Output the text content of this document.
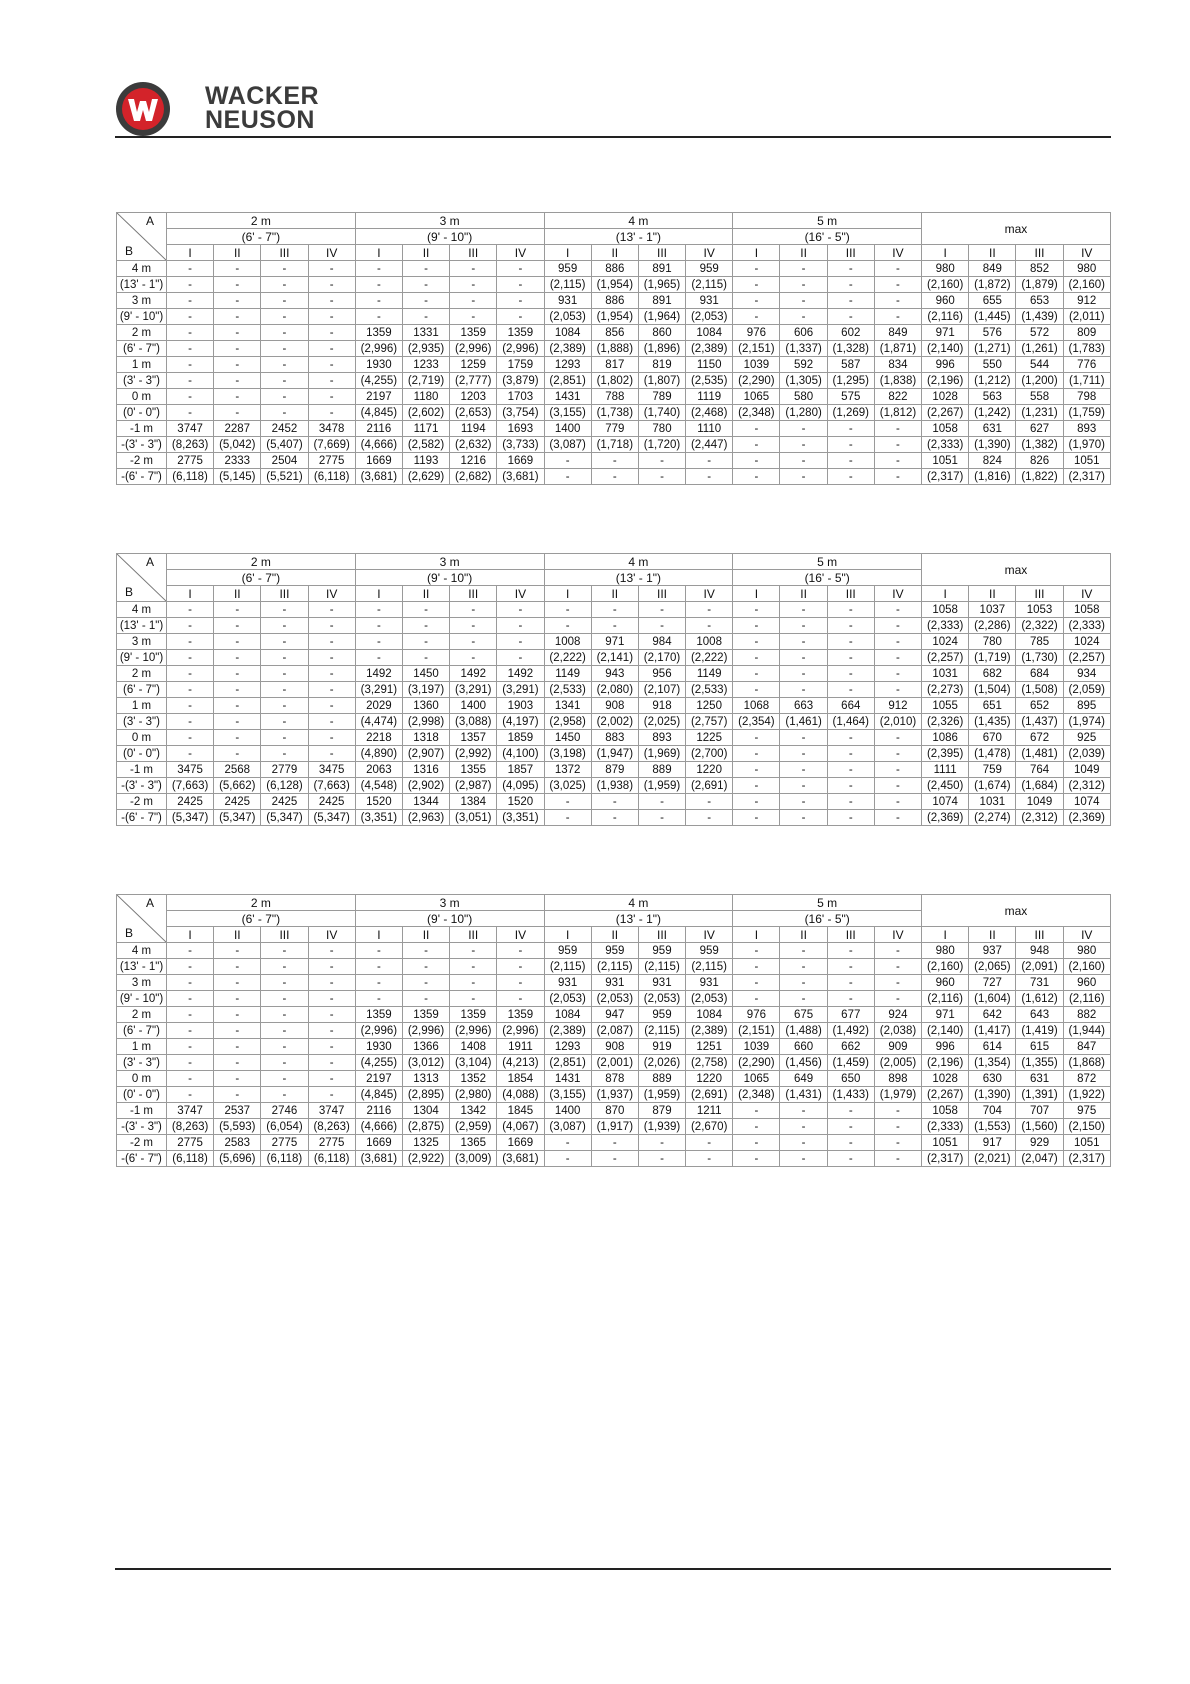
WACKER
NEUSON
A
B	2 m				3 m				4 m				5 m				max			
	(6' - 7")				(9' - 10")				(13' - 1")				(16' - 5")							
	I	II	III	IV	I	II	III	IV	I	II	III	IV	I	II	III	IV	I	II	III	IV
4 m	-	-	-	-	-	-	-	-	959	886	891	959	-	-	-	-	980	849	852	980
(13' - 1")	-	-	-	-	-	-	-	-	(2,115)	(1,954)	(1,965)	(2,115)	-	-	-	-	(2,160)	(1,872)	(1,879)	(2,160)
3 m	-	-	-	-	-	-	-	-	931	886	891	931	-	-	-	-	960	655	653	912
(9' - 10")	-	-	-	-	-	-	-	-	(2,053)	(1,954)	(1,964)	(2,053)	-	-	-	-	(2,116)	(1,445)	(1,439)	(2,011)
2 m	-	-	-	-	1359	1331	1359	1359	1084	856	860	1084	976	606	602	849	971	576	572	809
(6' - 7")	-	-	-	-	(2,996)	(2,935)	(2,996)	(2,996)	(2,389)	(1,888)	(1,896)	(2,389)	(2,151)	(1,337)	(1,328)	(1,871)	(2,140)	(1,271)	(1,261)	(1,783)
1 m	-	-	-	-	1930	1233	1259	1759	1293	817	819	1150	1039	592	587	834	996	550	544	776
(3' - 3")	-	-	-	-	(4,255)	(2,719)	(2,777)	(3,879)	(2,851)	(1,802)	(1,807)	(2,535)	(2,290)	(1,305)	(1,295)	(1,838)	(2,196)	(1,212)	(1,200)	(1,711)
0 m	-	-	-	-	2197	1180	1203	1703	1431	788	789	1119	1065	580	575	822	1028	563	558	798
(0' - 0")	-	-	-	-	(4,845)	(2,602)	(2,653)	(3,754)	(3,155)	(1,738)	(1,740)	(2,468)	(2,348)	(1,280)	(1,269)	(1,812)	(2,267)	(1,242)	(1,231)	(1,759)
-1 m	3747	2287	2452	3478	2116	1171	1194	1693	1400	779	780	1110	-	-	-	-	1058	631	627	893
-(3' - 3")	(8,263)	(5,042)	(5,407)	(7,669)	(4,666)	(2,582)	(2,632)	(3,733)	(3,087)	(1,718)	(1,720)	(2,447)	-	-	-	-	(2,333)	(1,390)	(1,382)	(1,970)
-2 m	2775	2333	2504	2775	1669	1193	1216	1669	-	-	-	-	-	-	-	-	1051	824	826	1051
-(6' - 7")	(6,118)	(5,145)	(5,521)	(6,118)	(3,681)	(2,629)	(2,682)	(3,681)	-	-	-	-	-	-	-	-	(2,317)	(1,816)	(1,822)	(2,317)
A
B	2 m				3 m				4 m				5 m				max			
	(6' - 7")				(9' - 10")				(13' - 1")				(16' - 5")							
	I	II	III	IV	I	II	III	IV	I	II	III	IV	I	II	III	IV	I	II	III	IV
4 m	-	-	-	-	-	-	-	-	-	-	-	-	-	-	-	-	1058	1037	1053	1058
(13' - 1")	-	-	-	-	-	-	-	-	-	-	-	-	-	-	-	-	(2,333)	(2,286)	(2,322)	(2,333)
3 m	-	-	-	-	-	-	-	-	1008	971	984	1008	-	-	-	-	1024	780	785	1024
(9' - 10")	-	-	-	-	-	-	-	-	(2,222)	(2,141)	(2,170)	(2,222)	-	-	-	-	(2,257)	(1,719)	(1,730)	(2,257)
2 m	-	-	-	-	1492	1450	1492	1492	1149	943	956	1149	-	-	-	-	1031	682	684	934
(6' - 7")	-	-	-	-	(3,291)	(3,197)	(3,291)	(3,291)	(2,533)	(2,080)	(2,107)	(2,533)	-	-	-	-	(2,273)	(1,504)	(1,508)	(2,059)
1 m	-	-	-	-	2029	1360	1400	1903	1341	908	918	1250	1068	663	664	912	1055	651	652	895
(3' - 3")	-	-	-	-	(4,474)	(2,998)	(3,088)	(4,197)	(2,958)	(2,002)	(2,025)	(2,757)	(2,354)	(1,461)	(1,464)	(2,010)	(2,326)	(1,435)	(1,437)	(1,974)
0 m	-	-	-	-	2218	1318	1357	1859	1450	883	893	1225	-	-	-	-	1086	670	672	925
(0' - 0")	-	-	-	-	(4,890)	(2,907)	(2,992)	(4,100)	(3,198)	(1,947)	(1,969)	(2,700)	-	-	-	-	(2,395)	(1,478)	(1,481)	(2,039)
-1 m	3475	2568	2779	3475	2063	1316	1355	1857	1372	879	889	1220	-	-	-	-	1111	759	764	1049
-(3' - 3")	(7,663)	(5,662)	(6,128)	(7,663)	(4,548)	(2,902)	(2,987)	(4,095)	(3,025)	(1,938)	(1,959)	(2,691)	-	-	-	-	(2,450)	(1,674)	(1,684)	(2,312)
-2 m	2425	2425	2425	2425	1520	1344	1384	1520	-	-	-	-	-	-	-	-	1074	1031	1049	1074
-(6' - 7")	(5,347)	(5,347)	(5,347)	(5,347)	(3,351)	(2,963)	(3,051)	(3,351)	-	-	-	-	-	-	-	-	(2,369)	(2,274)	(2,312)	(2,369)
A
B	2 m				3 m				4 m				5 m				max			
	(6' - 7")				(9' - 10")				(13' - 1")				(16' - 5")							
	I	II	III	IV	I	II	III	IV	I	II	III	IV	I	II	III	IV	I	II	III	IV
4 m	-	-	-	-	-	-	-	-	959	959	959	959	-	-	-	-	980	937	948	980
(13' - 1")	-	-	-	-	-	-	-	-	(2,115)	(2,115)	(2,115)	(2,115)	-	-	-	-	(2,160)	(2,065)	(2,091)	(2,160)
3 m	-	-	-	-	-	-	-	-	931	931	931	931	-	-	-	-	960	727	731	960
(9' - 10")	-	-	-	-	-	-	-	-	(2,053)	(2,053)	(2,053)	(2,053)	-	-	-	-	(2,116)	(1,604)	(1,612)	(2,116)
2 m	-	-	-	-	1359	1359	1359	1359	1084	947	959	1084	976	675	677	924	971	642	643	882
(6' - 7")	-	-	-	-	(2,996)	(2,996)	(2,996)	(2,996)	(2,389)	(2,087)	(2,115)	(2,389)	(2,151)	(1,488)	(1,492)	(2,038)	(2,140)	(1,417)	(1,419)	(1,944)
1 m	-	-	-	-	1930	1366	1408	1911	1293	908	919	1251	1039	660	662	909	996	614	615	847
(3' - 3")	-	-	-	-	(4,255)	(3,012)	(3,104)	(4,213)	(2,851)	(2,001)	(2,026)	(2,758)	(2,290)	(1,456)	(1,459)	(2,005)	(2,196)	(1,354)	(1,355)	(1,868)
0 m	-	-	-	-	2197	1313	1352	1854	1431	878	889	1220	1065	649	650	898	1028	630	631	872
(0' - 0")	-	-	-	-	(4,845)	(2,895)	(2,980)	(4,088)	(3,155)	(1,937)	(1,959)	(2,691)	(2,348)	(1,431)	(1,433)	(1,979)	(2,267)	(1,390)	(1,391)	(1,922)
-1 m	3747	2537	2746	3747	2116	1304	1342	1845	1400	870	879	1211	-	-	-	-	1058	704	707	975
-(3' - 3")	(8,263)	(5,593)	(6,054)	(8,263)	(4,666)	(2,875)	(2,959)	(4,067)	(3,087)	(1,917)	(1,939)	(2,670)	-	-	-	-	(2,333)	(1,553)	(1,560)	(2,150)
-2 m	2775	2583	2775	2775	1669	1325	1365	1669	-	-	-	-	-	-	-	-	1051	917	929	1051
-(6' - 7")	(6,118)	(5,696)	(6,118)	(6,118)	(3,681)	(2,922)	(3,009)	(3,681)	-	-	-	-	-	-	-	-	(2,317)	(2,021)	(2,047)	(2,317)
